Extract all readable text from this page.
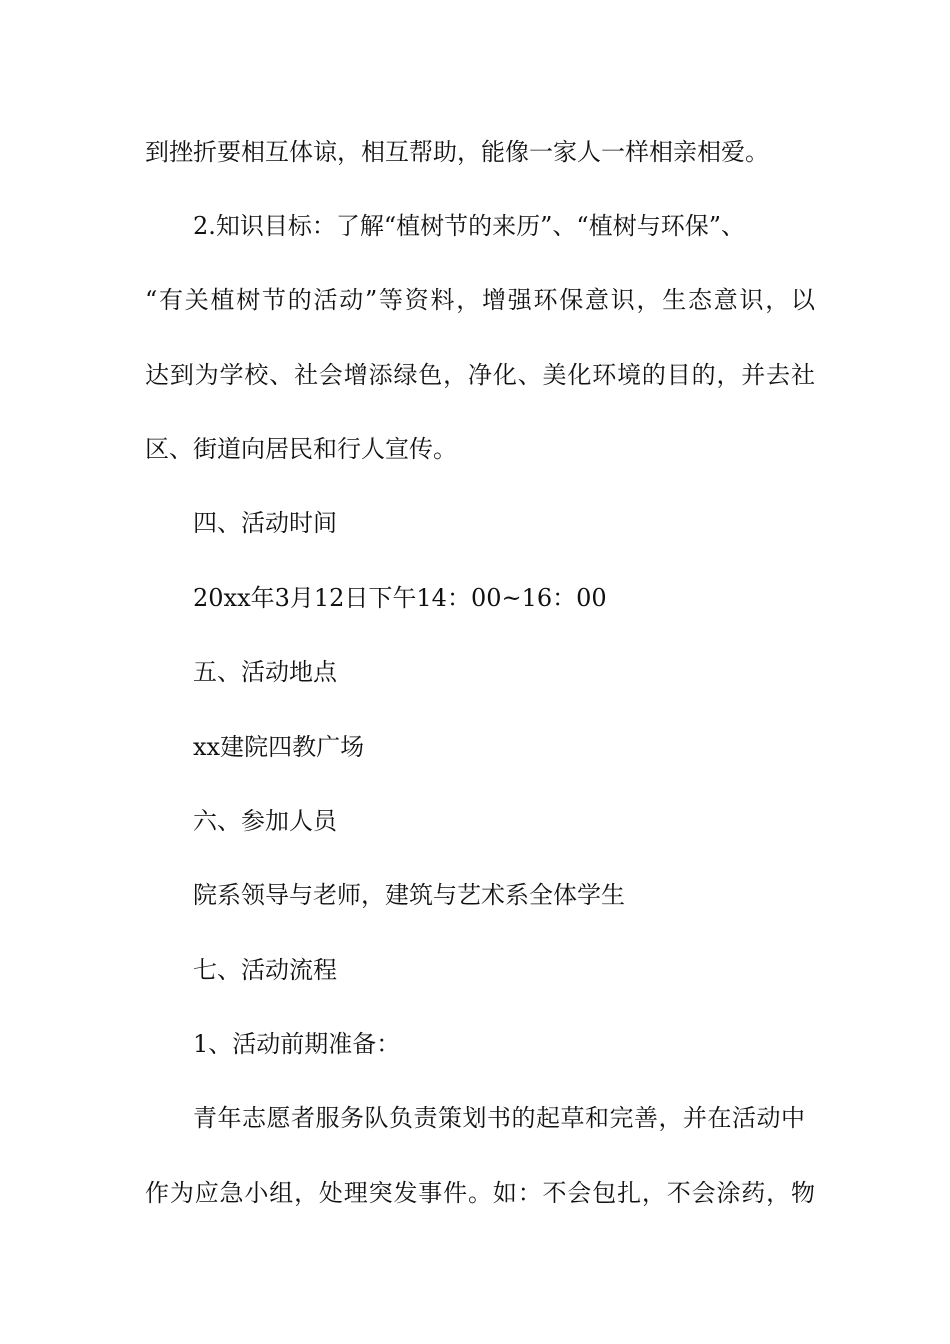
到挫折要相互体谅，相互帮助，能像一家人一样相亲相爱。
2.知识目标：了解“植树节的来历”、“植树与环保”、
“有关植树节的活动”等资料，增强环保意识，生态意识，以
达到为学校、社会增添绿色，净化、美化环境的目的，并去社
区、街道向居民和行人宣传。
四、活动时间
20xx年3月12日下午14：00~16：00
五、活动地点
xx建院四教广场
六、参加人员
院系领导与老师，建筑与艺术系全体学生
七、活动流程
1、活动前期准备：
青年志愿者服务队负责策划书的起草和完善，并在活动中
作为应急小组，处理突发事件。如：不会包扎，不会涂药，物
